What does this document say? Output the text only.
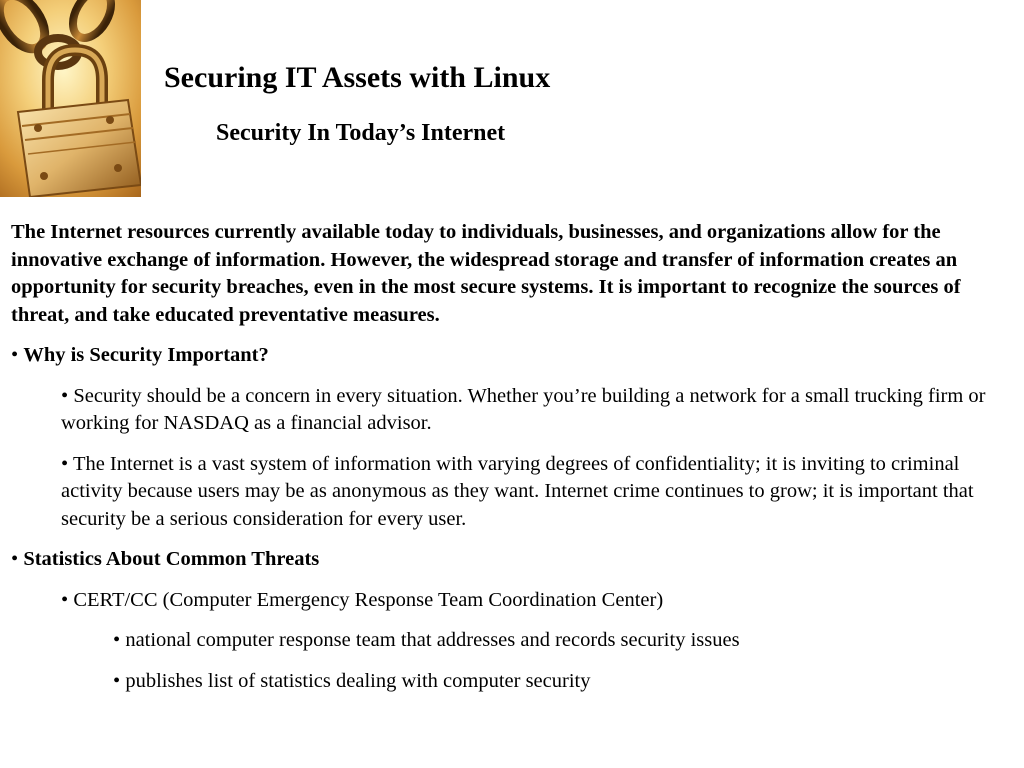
Securing IT Assets with Linux
Security In Today’s Internet

The Internet resources currently available today to individuals, businesses, and organizations allow for the innovative exchange of information. However, the widespread storage and transfer of information creates an opportunity for security breaches, even in the most secure systems. It is important to recognize the sources of threat, and take educated preventative measures.

• Why is Security Important?

• Security should be a concern in every situation. Whether you’re building a network for a small trucking firm or working for NASDAQ as a financial advisor.

• The Internet is a vast system of information with varying degrees of confidentiality; it is inviting to criminal activity because users may be as anonymous as they want. Internet crime continues to grow; it is important that security be a serious consideration for every user.

• Statistics About Common Threats

• CERT/CC (Computer Emergency Response Team Coordination Center)

• national computer response team that addresses and records security issues

• publishes list of statistics dealing with computer security
